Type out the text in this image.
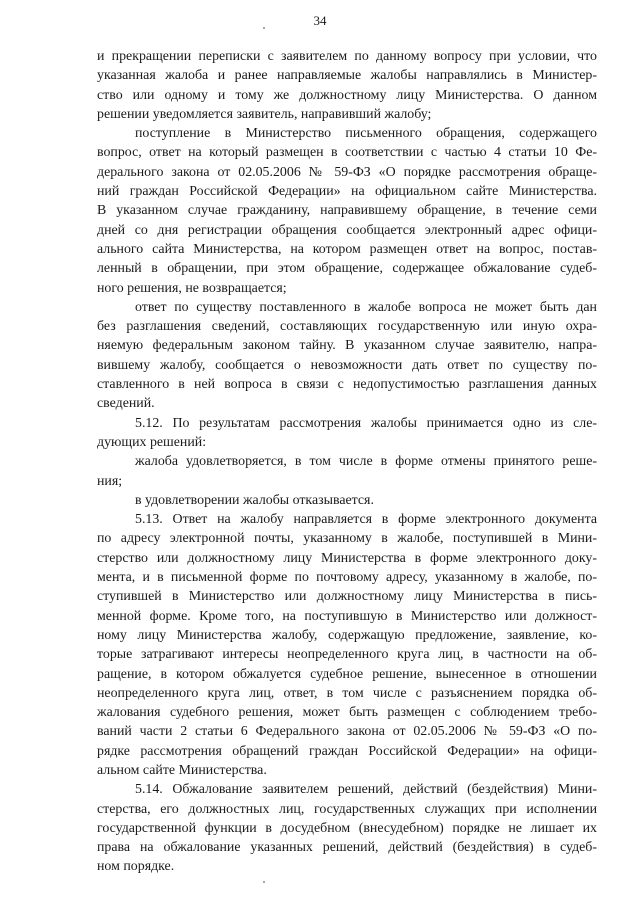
34
и прекращении переписки с заявителем по данному вопросу при условии, что
указанная жалоба и ранее направляемые жалобы направлялись в Министер-
ство или одному и тому же должностному лицу Министерства. О данном
решении уведомляется заявитель, направивший жалобу;
поступление в Министерство письменного обращения, содержащего
вопрос, ответ на который размещен в соответствии с частью 4 статьи 10 Фе-
дерального закона от 02.05.2006 № 59-ФЗ «О порядке рассмотрения обраще-
ний граждан Российской Федерации» на официальном сайте Министерства.
В указанном случае гражданину, направившему обращение, в течение семи
дней со дня регистрации обращения сообщается электронный адрес офици-
ального сайта Министерства, на котором размещен ответ на вопрос, постав-
ленный в обращении, при этом обращение, содержащее обжалование судеб-
ного решения, не возвращается;
ответ по существу поставленного в жалобе вопроса не может быть дан
без разглашения сведений, составляющих государственную или иную охра-
няемую федеральным законом тайну. В указанном случае заявителю, напра-
вившему жалобу, сообщается о невозможности дать ответ по существу по-
ставленного в ней вопроса в связи с недопустимостью разглашения данных
сведений.
5.12. По результатам рассмотрения жалобы принимается одно из сле-
дующих решений:
жалоба удовлетворяется, в том числе в форме отмены принятого реше-
ния;
в удовлетворении жалобы отказывается.
5.13. Ответ на жалобу направляется в форме электронного документа
по адресу электронной почты, указанному в жалобе, поступившей в Мини-
стерство или должностному лицу Министерства в форме электронного доку-
мента, и в письменной форме по почтовому адресу, указанному в жалобе, по-
ступившей в Министерство или должностному лицу Министерства в пись-
менной форме. Кроме того, на поступившую в Министерство или должност-
ному лицу Министерства жалобу, содержащую предложение, заявление, ко-
торые затрагивают интересы неопределенного круга лиц, в частности на об-
ращение, в котором обжалуется судебное решение, вынесенное в отношении
неопределенного круга лиц, ответ, в том числе с разъяснением порядка об-
жалования судебного решения, может быть размещен с соблюдением требо-
ваний части 2 статьи 6 Федерального закона от 02.05.2006 № 59-ФЗ «О по-
рядке рассмотрения обращений граждан Российской Федерации» на офици-
альном сайте Министерства.
5.14. Обжалование заявителем решений, действий (бездействия) Мини-
стерства, его должностных лиц, государственных служащих при исполнении
государственной функции в досудебном (внесудебном) порядке не лишает их
права на обжалование указанных решений, действий (бездействия) в судеб-
ном порядке.
